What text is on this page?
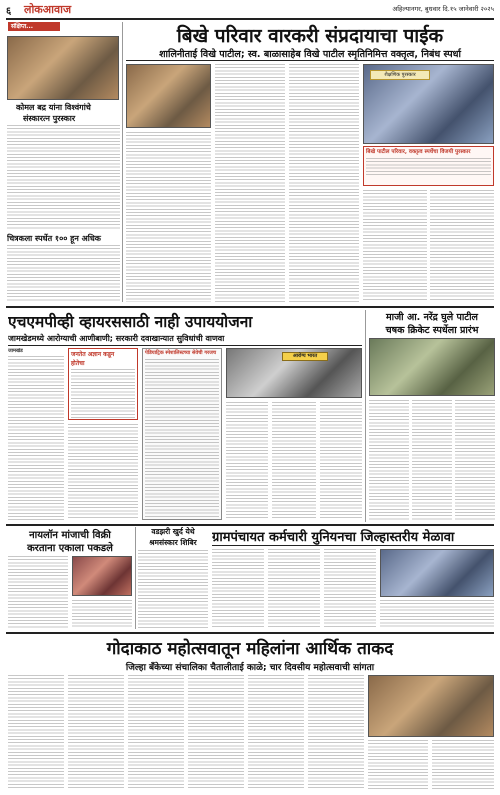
६ लोकआवाज	अहिल्यानगर, बुधवार दि.१५ जानेवारी २०२५
संक्षिप्त...
कोमल बद्र यांना विश्वंगांचे
संस्कारत्न पुरस्कार
चित्रकला स्पर्धेत १०० हून अधिक
बिखे परिवार वारकरी संप्रदायाचा पाईक
शालिनीताई विखे पाटील; स्व. बाळासाहेब विखे पाटील स्मृतिनिमित्त वक्तृत्व, निबंध स्पर्धा
शैक्षणिक पुरस्कार
बिखे पाटील परिवार, वक्तृत्व स्पर्धेचा विजयी पुरस्कार
एचएमपीव्ही व्हायरससाठी नाही उपाययोजना
जामखेडमध्ये आरोग्याची आणीबाणी; सरकारी दवाखान्यात सुविधांची वाणवा
जामखेड	जनतेत अज्ञान कडून
होतेचा
पेडियाट्रिक स्पेशालिस्टच्या सेवेची गरजच	आरोग्य भारत
माजी आ. नरेंद्र घुले पाटील
चषक क्रिकेट स्पर्धेला प्रारंभ
नायलॉन मांजाची विक्री
करताना एकाला पकडले
वडझरी खुर्द येथे
श्रमसंस्कार शिबिर	ग्रामपंचायत कर्मचारी युनियनचा जिल्हास्तरीय मेळावा
गोदाकाठ महोत्सवातून महिलांना आर्थिक ताकद
जिल्हा बँकेच्या संचालिका चैतालीताई काळे; चार दिवसीय महोत्सवाची सांगता
